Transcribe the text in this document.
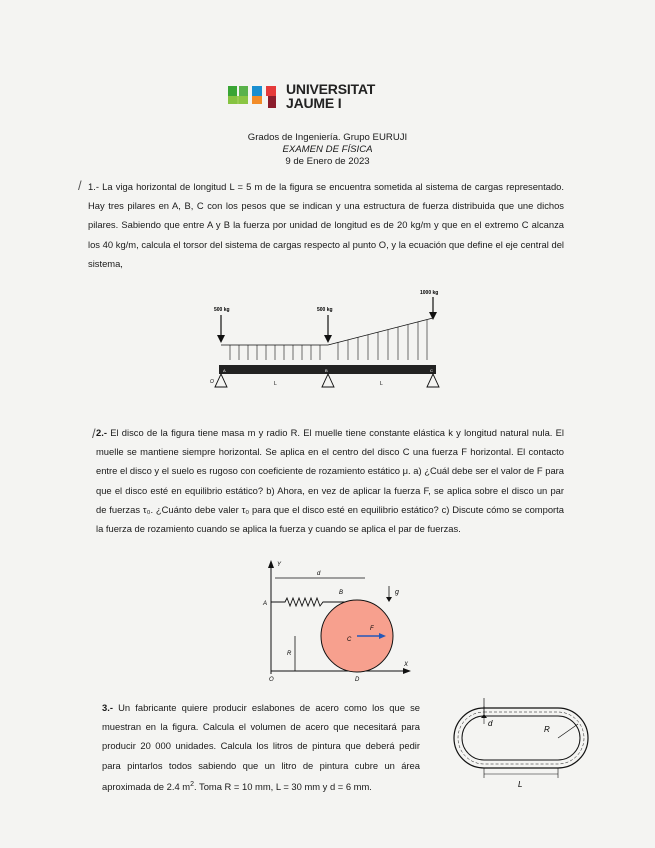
UNIVERSITAT
JAUME I
Grados de Ingeniería. Grupo EURUJI
EXAMEN DE FÍSICA
9 de Enero de 2023
/ 1.- La viga horizontal de longitud L = 5 m de la figura se encuentra sometida al sistema de cargas representado. Hay tres pilares en A, B, C con los pesos que se indican y una estructura de fuerza distribuida que une dichos pilares. Sabiendo que entre A y B la fuerza por unidad de longitud es de 20 kg/m y que en el extremo C alcanza los 40 kg/m, calcula el torsor del sistema de cargas respecto al punto O, y la ecuación que define el eje central del sistema,
500 kg	500 kg
1000 kg
O
A	B	C
L	L
/ 2.- El disco de la figura tiene masa m y radio R. El muelle tiene constante elástica k y longitud natural nula. El muelle se mantiene siempre horizontal. Se aplica en el centro del disco C una fuerza F horizontal. El contacto entre el disco y el suelo es rugoso con coeficiente de rozamiento estático μ. a) ¿Cuál debe ser el valor de F para que el disco esté en equilibrio estático? b) Ahora, en vez de aplicar la fuerza F, se aplica sobre el disco un par de fuerzas τ₀. ¿Cuánto debe valer τ₀ para que el disco esté en equilibrio estático? c) Discute cómo se comporta la fuerza de rozamiento cuando se aplica la fuerza y cuando se aplica el par de fuerzas.
Y
X
d
A
B	g
F
C
R
O	D
3.- Un fabricante quiere producir eslabones de acero como los que se muestran en la figura. Calcula el volumen de acero que necesitará para producir 20 000 unidades. Calcula los litros de pintura que deberá pedir para pintarlos todos sabiendo que un litro de pintura cubre un área aproximada de 2.4 $m^2$. Toma R = 10 mm, L = 30 mm y d = 6 mm.
d
R
L
